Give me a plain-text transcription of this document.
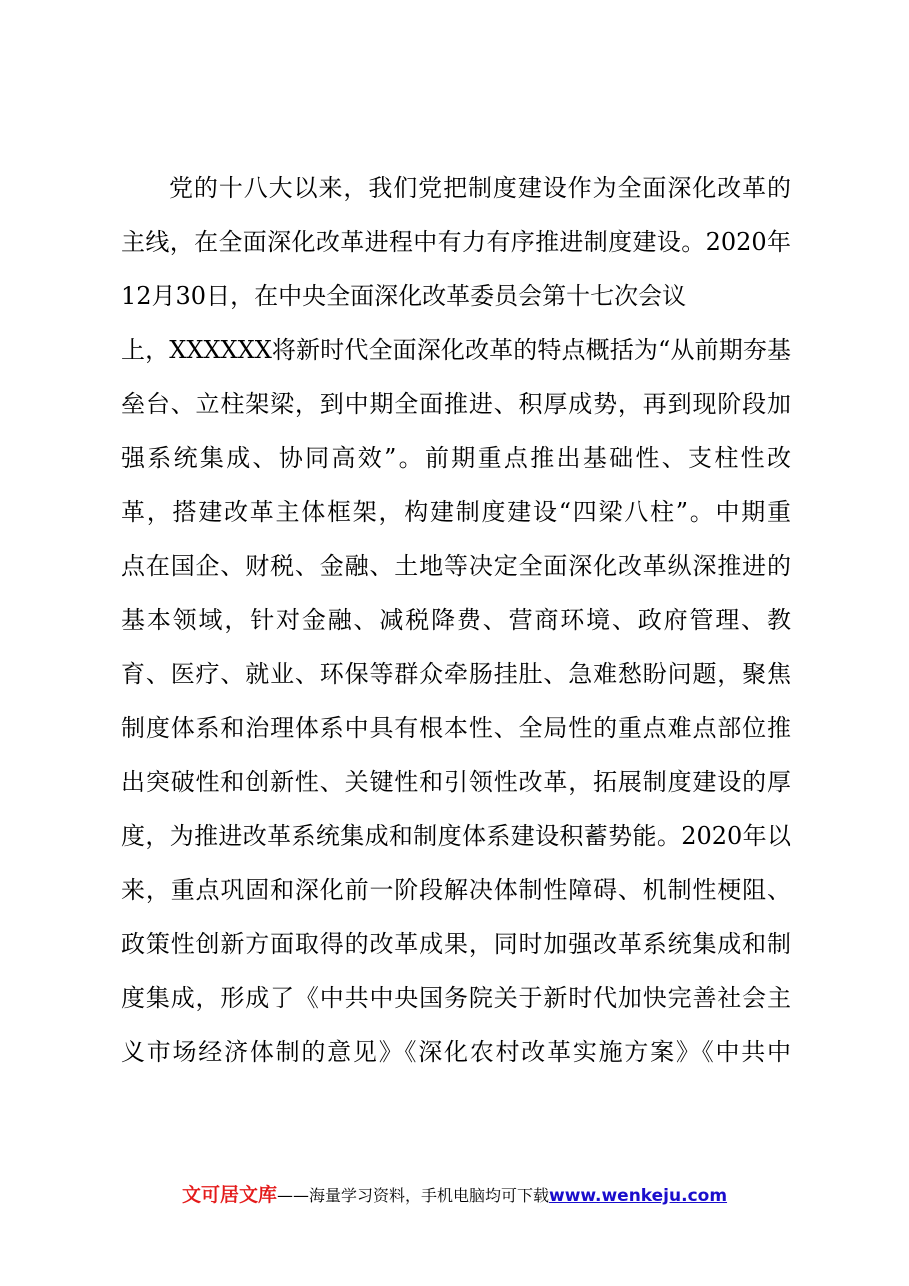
党的十八大以来，我们党把制度建设作为全面深化改革的
主线，在全面深化改革进程中有力有序推进制度建设。2020年
12月30日，在中央全面深化改革委员会第十七次会议
上，XXXXXX将新时代全面深化改革的特点概括为“从前期夯基
垒台、立柱架梁，到中期全面推进、积厚成势，再到现阶段加
强系统集成、协同高效”。前期重点推出基础性、支柱性改
革，搭建改革主体框架，构建制度建设“四梁八柱”。中期重
点在国企、财税、金融、土地等决定全面深化改革纵深推进的
基本领域，针对金融、减税降费、营商环境、政府管理、教
育、医疗、就业、环保等群众牵肠挂肚、急难愁盼问题，聚焦
制度体系和治理体系中具有根本性、全局性的重点难点部位推
出突破性和创新性、关键性和引领性改革，拓展制度建设的厚
度，为推进改革系统集成和制度体系建设积蓄势能。2020年以
来，重点巩固和深化前一阶段解决体制性障碍、机制性梗阻、
政策性创新方面取得的改革成果，同时加强改革系统集成和制
度集成，形成了《中共中央国务院关于新时代加快完善社会主
义市场经济体制的意见》《深化农村改革实施方案》《中共中
文可居文库——海量学习资料，手机电脑均可下载www.wenkeju.com
